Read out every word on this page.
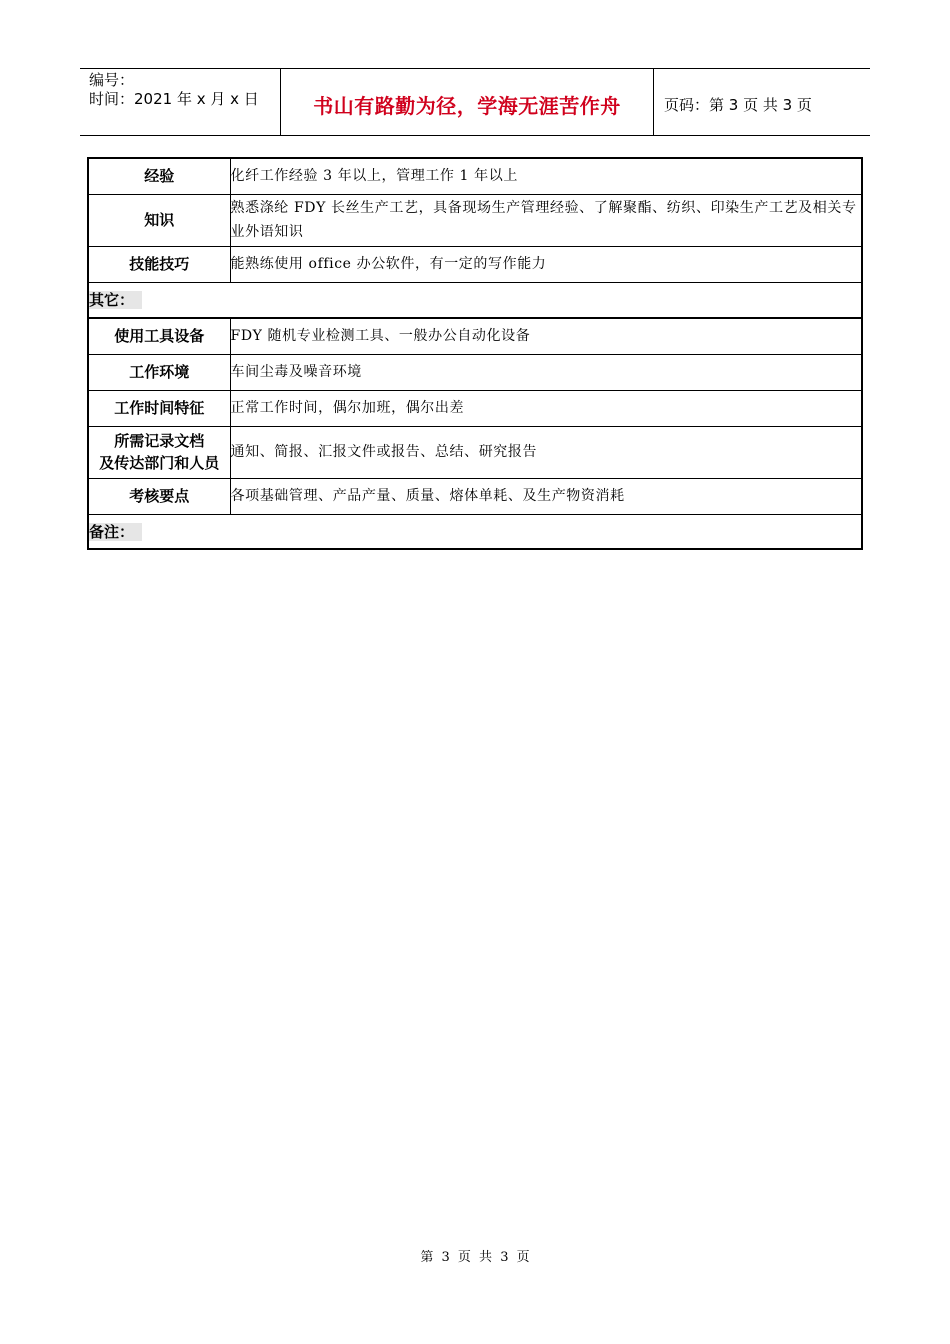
编号：
时间：2021 年 x 月 x 日	书山有路勤为径，学海无涯苦作舟	页码：第 3 页 共 3 页
经验	化纤工作经验 3 年以上，管理工作 1 年以上
知识	熟悉涤纶 FDY 长丝生产工艺，具备现场生产管理经验、了解聚酯、纺织、印染生产工艺及相关专业外语知识
技能技巧	能熟练使用 office 办公软件，有一定的写作能力
其它：	
使用工具设备	FDY 随机专业检测工具、一般办公自动化设备
工作环境	车间尘毒及噪音环境
工作时间特征	正常工作时间，偶尔加班，偶尔出差

所需记录文档
及传达部门和人员	通知、简报、汇报文件或报告、总结、研究报告
考核要点	各项基础管理、产品产量、质量、熔体单耗、及生产物资消耗
备注：	
第 3 页 共 3 页
